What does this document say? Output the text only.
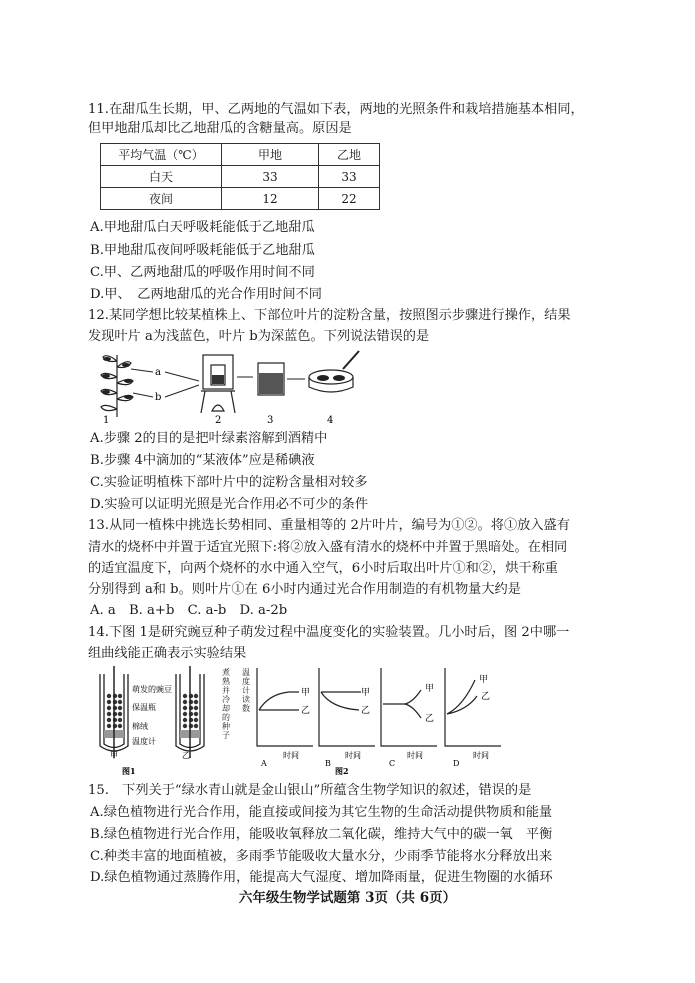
11.在甜瓜生长期，甲、乙两地的气温如下表，两地的光照条件和栽培措施基本相同，
但甲地甜瓜却比乙地甜瓜的含糖量高。原因是
平均气温（℃）	甲地	乙地
白天	33	33
夜间	12	22
A.甲地甜瓜白天呼吸耗能低于乙地甜瓜
B.甲地甜瓜夜间呼吸耗能低于乙地甜瓜
C.甲、乙两地甜瓜的呼吸作用时间不同
D.甲、　乙两地甜瓜的光合作用时间不同
12.某同学想比较某植株上、下部位叶片的淀粉含量，按照图示步骤进行操作，结果
发现叶片 a为浅蓝色，叶片 b为深蓝色。下列说法错误的是
a
b
1	2	3	4
A.步骤 2的目的是把叶绿素溶解到酒精中
B.步骤 4中滴加的“某液体”应是稀碘液
C.实验证明植株下部叶片中的淀粉含量相对较多
D.实验可以证明光照是光合作用必不可少的条件
13.从同一植株中挑选长势相同、重量相等的 2片叶片，编号为①②。将①放入盛有
清水的烧杯中并置于适宜光照下:将②放入盛有清水的烧杯中并置于黑暗处。在相同
的适宜温度下，向两个烧杯的水中通入空气，6小时后取出叶片①和②，烘干称重
分别得到 a和 b。则叶片①在 6小时内通过光合作用制造的有机物量大约是
A. a　B. a+b　C. a-b　D. a-2b
14.下图 1是研究豌豆种子萌发过程中温度变化的实验装置。几小时后，图 2中哪一
组曲线能正确表示实验结果
萌发的豌豆
保温瓶
棉绒
温度计
甲	乙
图1
煮熟并冷却的种子
温度计读数
甲
乙
时间
A
甲
乙
时间
B
甲
乙
时间
C
甲
乙
时间
D
图2
15.　下列关于“绿水青山就是金山银山”所蕴含生物学知识的叙述，错误的是
A.绿色植物进行光合作用，能直接或间接为其它生物的生命活动提供物质和能量
B.绿色植物进行光合作用，能吸收氧释放二氧化碳，维持大气中的碳一氧　平衡
C.种类丰富的地面植被，多雨季节能吸收大量水分，少雨季节能将水分释放出来
D.绿色植物通过蒸腾作用，能提高大气湿度、增加降雨量，促进生物圈的水循环
六年级生物学试题第 3页（共 6页）
